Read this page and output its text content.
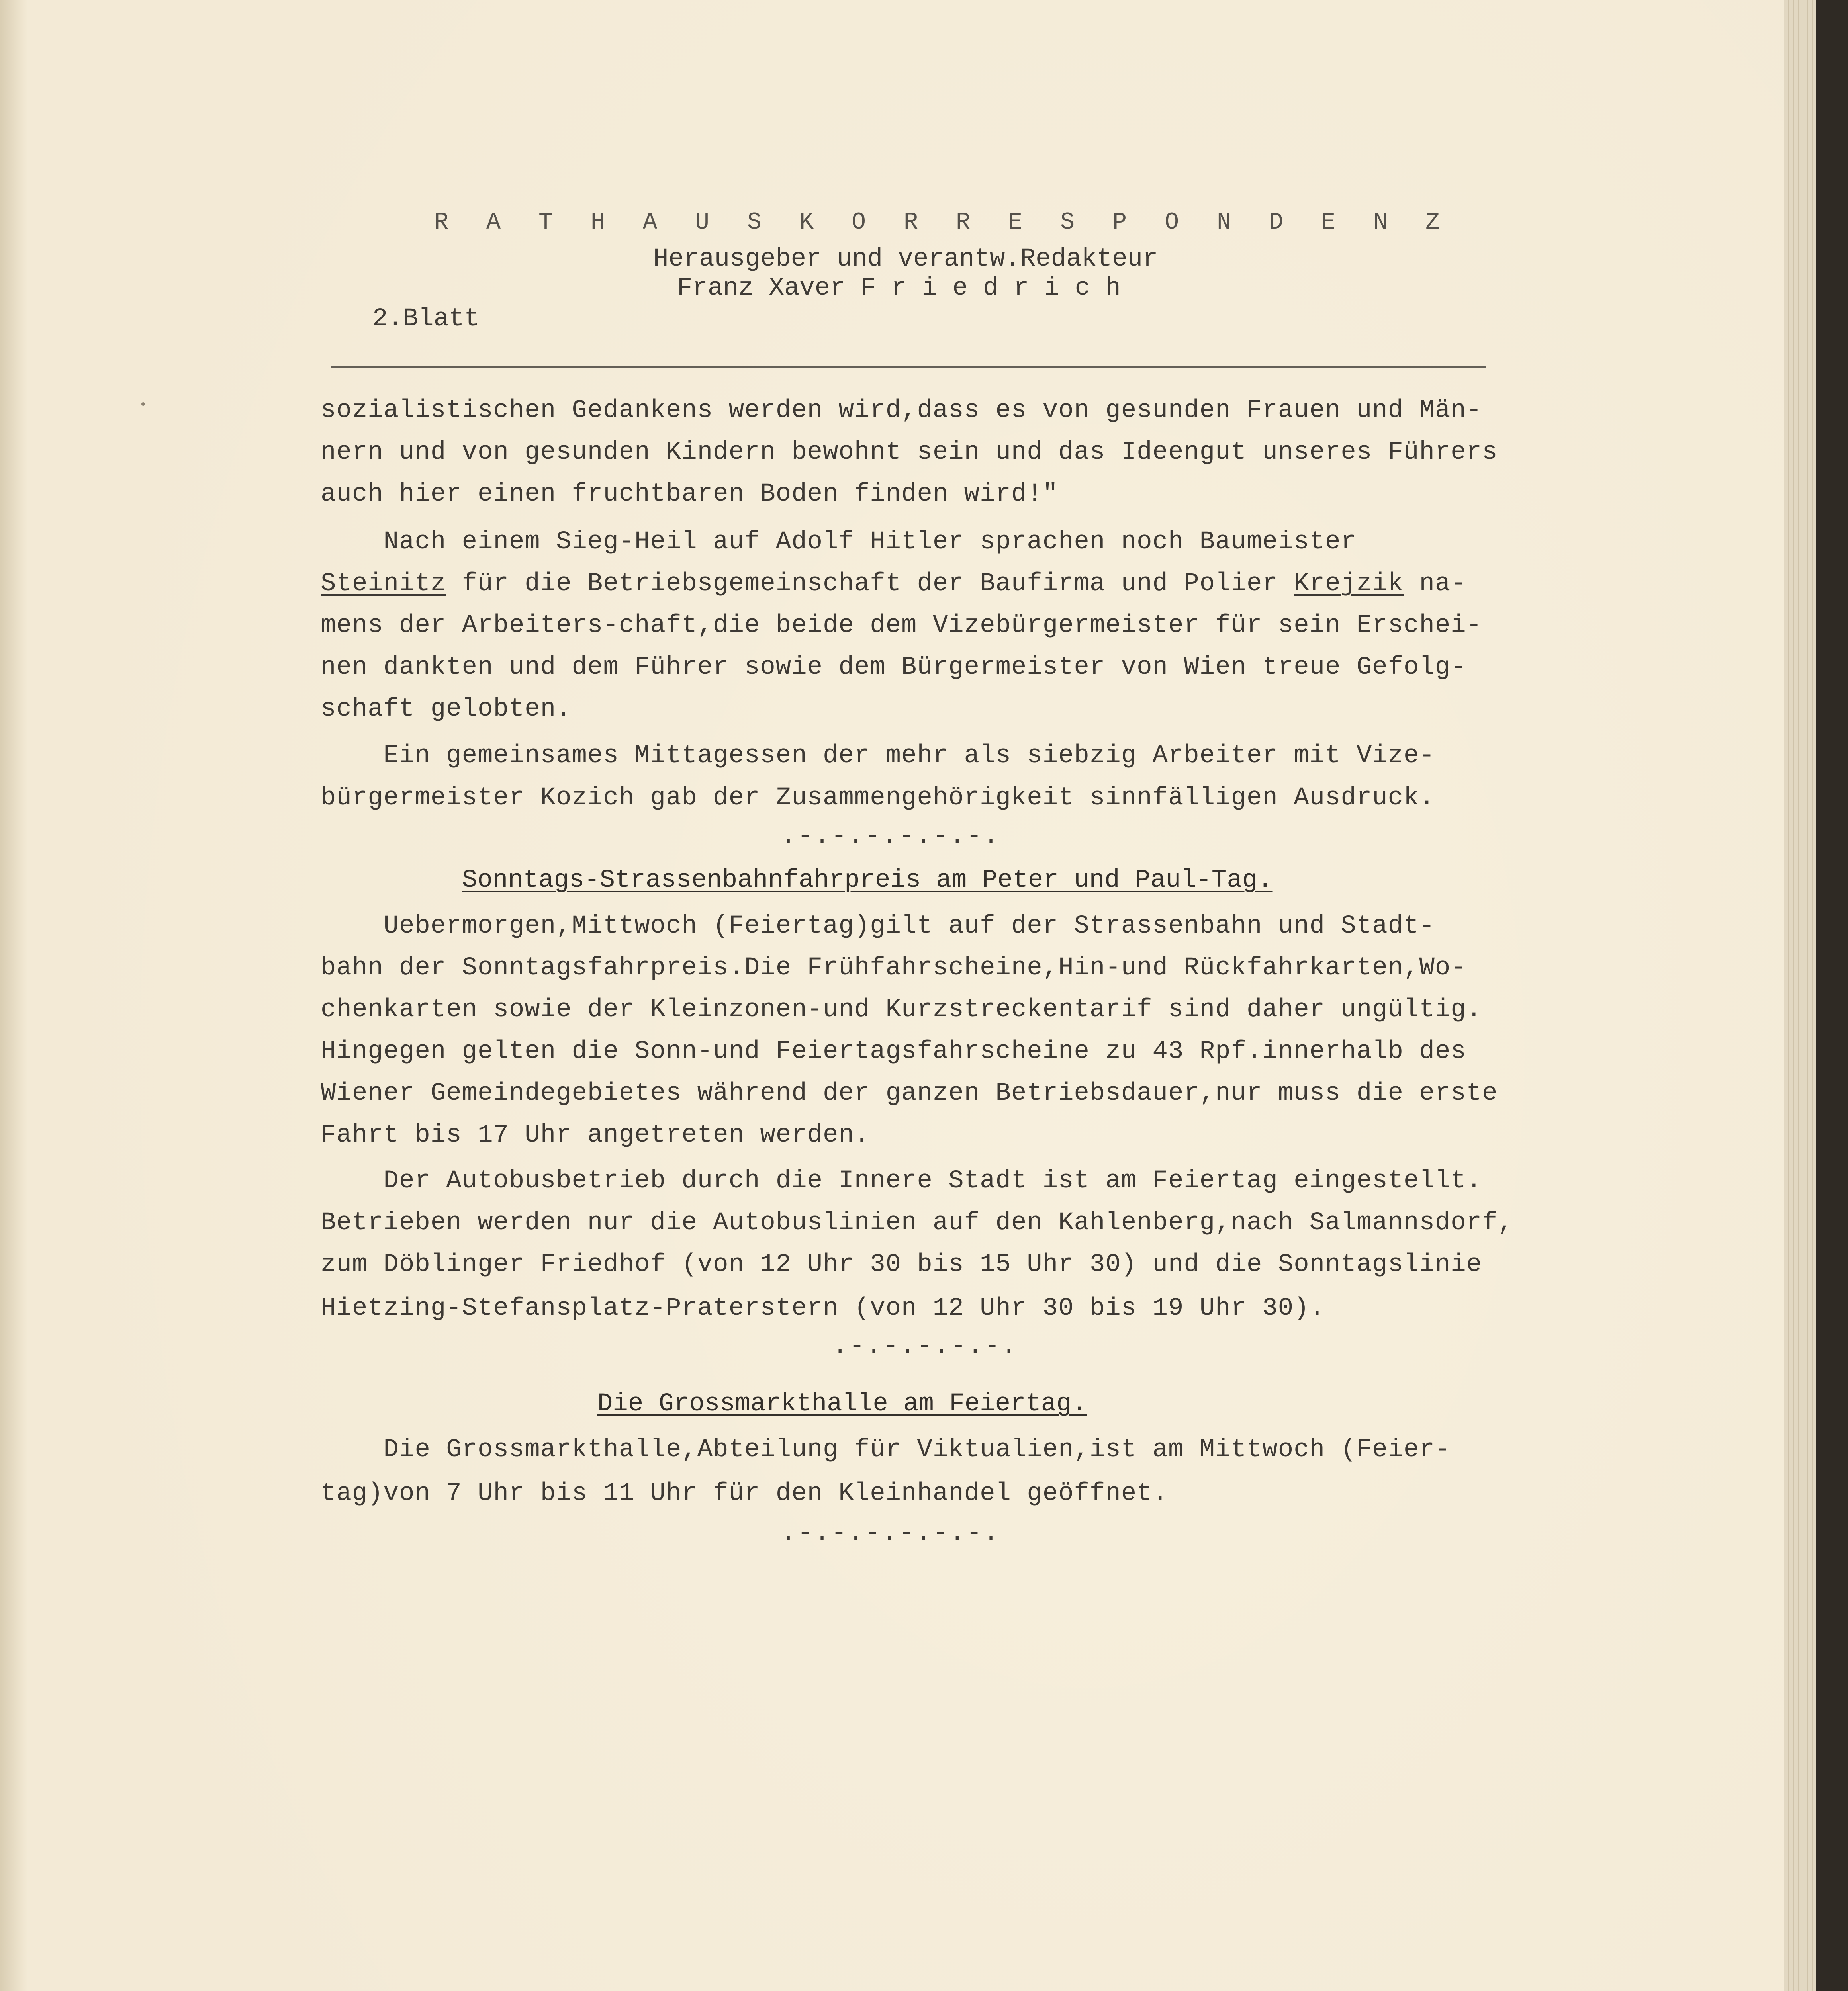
RATHAUSKORRESPONDENZ
Herausgeber und verantw.Redakteur
Franz Xaver F r i e d r i c h
2.Blatt
sozialistischen Gedankens werden wird,dass es von gesunden Frauen und Män-
nern und von gesunden Kindern bewohnt sein und das Ideengut unseres Führers
auch hier einen fruchtbaren Boden finden wird!"
Nach einem Sieg-Heil auf Adolf Hitler sprachen noch Baumeister
Steinitz für die Betriebsgemeinschaft der Baufirma und Polier Krejzik na-
mens der Arbeiters-chaft,die beide dem Vizebürgermeister für sein Erschei-
nen dankten und dem Führer sowie dem Bürgermeister von Wien treue Gefolg-
schaft gelobten.
Ein gemeinsames Mittagessen der mehr als siebzig Arbeiter mit Vize-
bürgermeister Kozich gab der Zusammengehörigkeit sinnfälligen Ausdruck.
.-.-.-.-.-.-.
Sonntags-Strassenbahnfahrpreis am Peter und Paul-Tag.
Uebermorgen,Mittwoch (Feiertag)gilt auf der Strassenbahn und Stadt-
bahn der Sonntagsfahrpreis.Die Frühfahrscheine,Hin-und Rückfahrkarten,Wo-
chenkarten sowie der Kleinzonen-und Kurzstreckentarif sind daher ungültig.
Hingegen gelten die Sonn-und Feiertagsfahrscheine zu 43 Rpf.innerhalb des
Wiener Gemeindegebietes während der ganzen Betriebsdauer,nur muss die erste
Fahrt bis 17 Uhr angetreten werden.
Der Autobusbetrieb durch die Innere Stadt ist am Feiertag eingestellt.
Betrieben werden nur die Autobuslinien auf den Kahlenberg,nach Salmannsdorf,
zum Döblinger Friedhof (von 12 Uhr 30 bis 15 Uhr 30) und die Sonntagslinie
Hietzing-Stefansplatz-Praterstern (von 12 Uhr 30 bis 19 Uhr 30).
.-.-.-.-.-.
Die Grossmarkthalle am Feiertag.
Die Grossmarkthalle,Abteilung für Viktualien,ist am Mittwoch (Feier-
tag)von 7 Uhr bis 11 Uhr für den Kleinhandel geöffnet.
.-.-.-.-.-.-.
